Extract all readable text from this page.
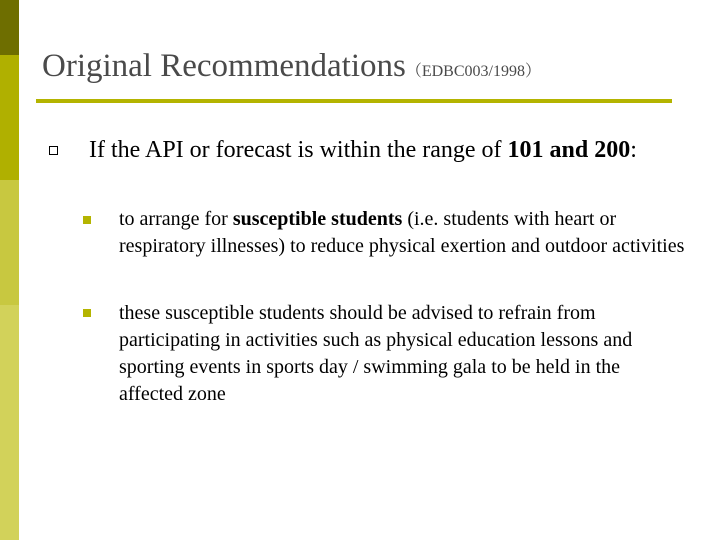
Original Recommendations（EDBC003/1998）
If the API or forecast is within the range of 101 and 200:
to arrange for susceptible students (i.e. students with heart or respiratory illnesses) to reduce physical exertion and outdoor activities
these susceptible students should be advised to refrain from participating in activities such as physical education lessons and sporting events in sports day / swimming gala to be held in the affected zone
